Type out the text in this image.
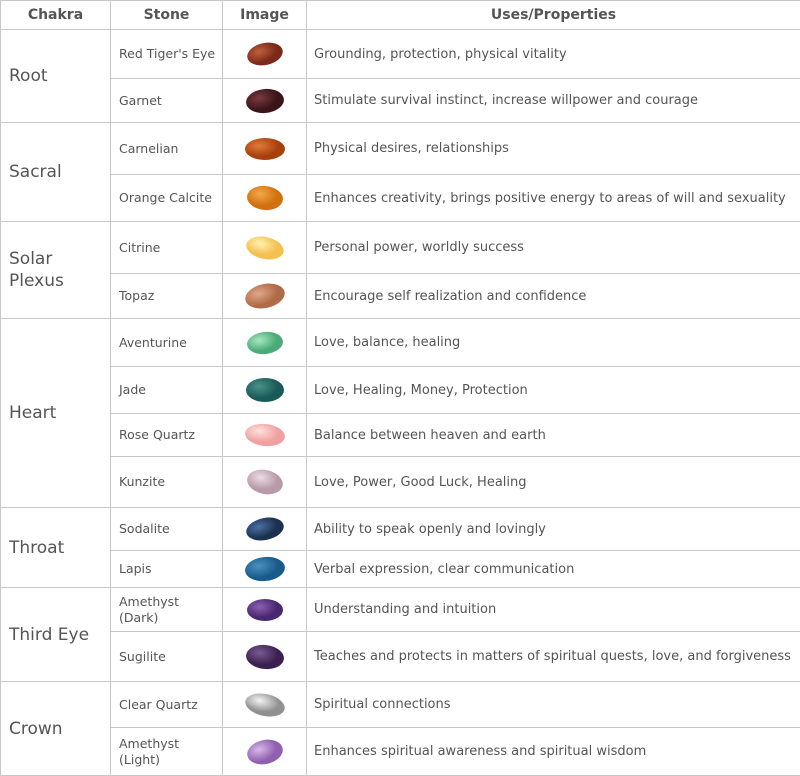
Chakra	Stone	Image	Uses/Properties
Root	Red Tiger's Eye		Grounding, protection, physical vitality
	Garnet		Stimulate survival instinct, increase willpower and courage
Sacral	Carnelian		Physical desires, relationships
	Orange Calcite		Enhances creativity, brings positive energy to areas of will and sexuality
Solar Plexus	Citrine		Personal power, worldly success
	Topaz		Encourage self realization and confidence
Heart	Aventurine		Love, balance, healing
	Jade		Love, Healing, Money, Protection
	Rose Quartz		Balance between heaven and earth
	Kunzite		Love, Power, Good Luck, Healing
Throat	Sodalite		Ability to speak openly and lovingly
	Lapis		Verbal expression, clear communication
Third Eye	Amethyst (Dark)		Understanding and intuition
	Sugilite		Teaches and protects in matters of spiritual quests, love, and forgiveness
Crown	Clear Quartz		Spiritual connections
	Amethyst (Light)		Enhances spiritual awareness and spiritual wisdom
